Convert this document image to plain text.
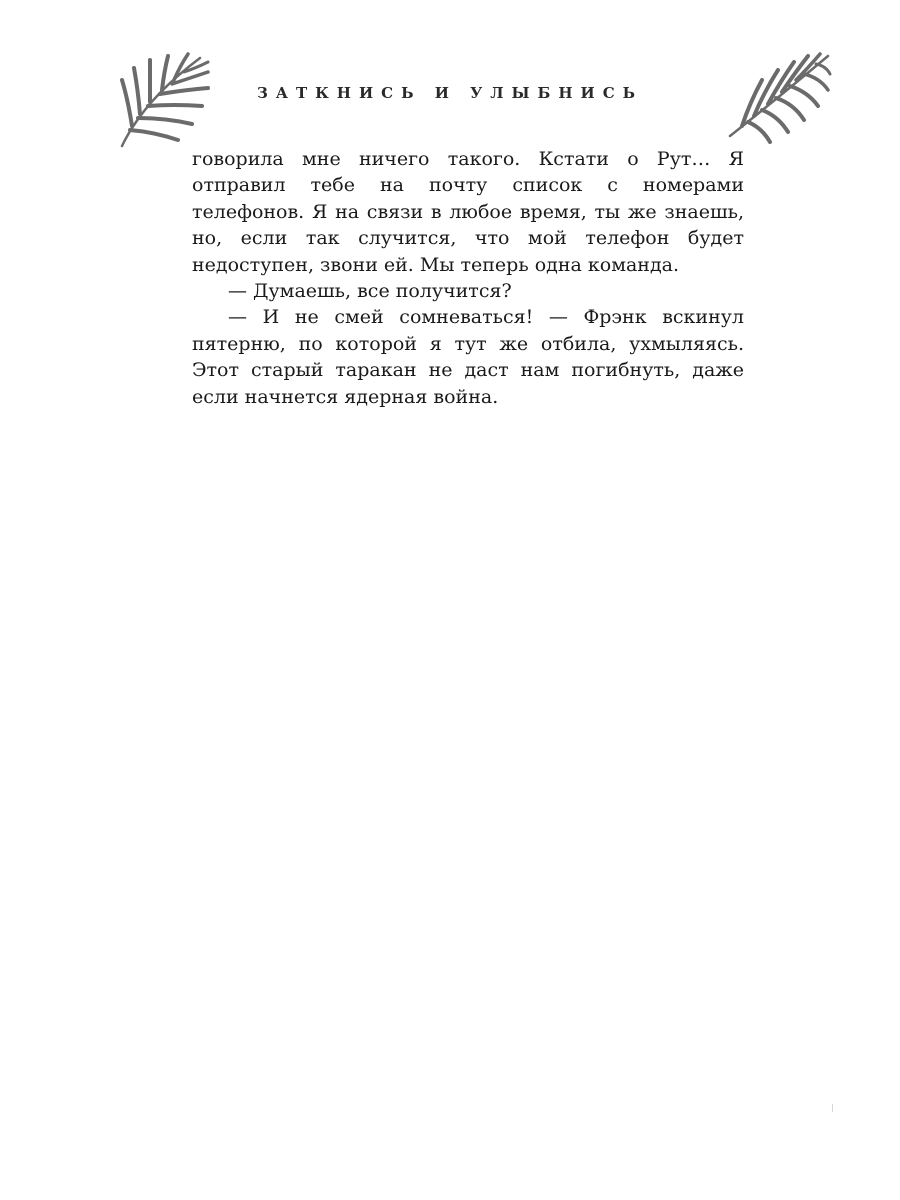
ЗАТКНИСЬ И УЛЫБНИСЬ

говорила мне ничего такого. Кстати о Рут… Я отправил тебе на почту список с номерами телефонов. Я на связи в любое время, ты же знаешь, но, если так случится, что мой телефон будет недоступен, звони ей. Мы теперь одна команда.

— Думаешь, все получится?

— И не смей сомневаться! — Фрэнк вскинул пятерню, по которой я тут же отбила, ухмыляясь. Этот старый таракан не даст нам погибнуть, даже если начнется ядерная война.
